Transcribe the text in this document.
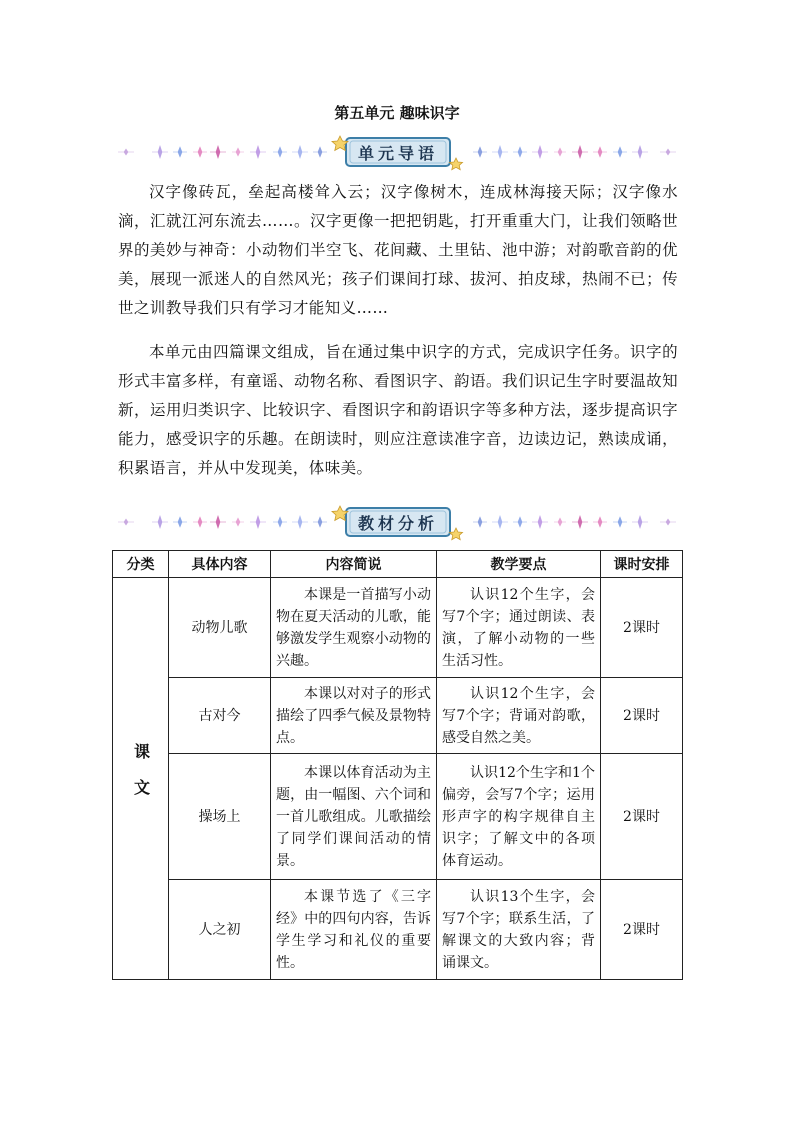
第五单元 趣味识字
单元导语

汉字像砖瓦，垒起高楼耸入云；汉字像树木，连成林海接天际；汉字像水滴，汇就江河东流去……。汉字更像一把把钥匙，打开重重大门，让我们领略世界的美妙与神奇：小动物们半空飞、花间藏、土里钻、池中游；对韵歌音韵的优美，展现一派迷人的自然风光；孩子们课间打球、拔河、拍皮球，热闹不已；传世之训教导我们只有学习才能知义……

本单元由四篇课文组成，旨在通过集中识字的方式，完成识字任务。识字的形式丰富多样，有童谣、动物名称、看图识字、韵语。我们识记生字时要温故知新，运用归类识字、比较识字、看图识字和韵语识字等多种方法，逐步提高识字能力，感受识字的乐趣。在朗读时，则应注意读准字音，边读边记，熟读成诵，积累语言，并从中发现美，体味美。

教材分析
分类	具体内容	内容简说	教学要点	课时安排

课文	动物儿歌	本课是一首描写小动物在夏天活动的儿歌，能够激发学生观察小动物的兴趣。	认识12个生字，会写7个字；通过朗读、表演，了解小动物的一些生活习性。	2课时
	古对今	本课以对对子的形式描绘了四季气候及景物特点。	认识12个生字，会写7个字；背诵对韵歌，感受自然之美。	2课时
	操场上	本课以体育活动为主题，由一幅图、六个词和一首儿歌组成。儿歌描绘了同学们课间活动的情景。	认识12个生字和1个偏旁，会写7个字；运用形声字的构字规律自主识字；了解文中的各项体育运动。	2课时
	人之初	本课节选了《三字经》中的四句内容，告诉学生学习和礼仪的重要性。	认识13个生字，会写7个字；联系生活，了解课文的大致内容；背诵课文。	2课时
